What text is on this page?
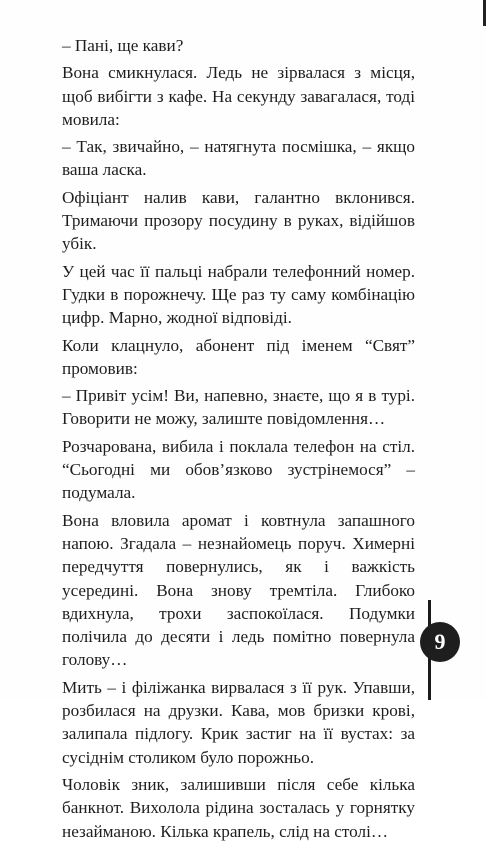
– Пані, ще кави?

Вона смикнулася. Ледь не зірвалася з місця, щоб вибігти з кафе. На секунду завагалася, тоді мовила:

– Так, звичайно, – натягнута посмішка, – якщо ваша ласка.

Офіціант налив кави, галантно вклонився. Тримаючи прозору посудину в руках, відійшов убік.

У цей час її пальці набрали телефонний номер. Гудки в порожнечу. Ще раз ту саму комбінацію цифр. Марно, жодної відповіді.

Коли клацнуло, абонент під іменем “Свят” промовив:

– Привіт усім! Ви, напевно, знаєте, що я в турі. Говорити не можу, залиште повідомлення…

Розчарована, вибила і поклала телефон на стіл. “Сьогодні ми обов’язково зустрінемося” – подумала.

Вона вловила аромат і ковтнула запашного напою. Згадала – незнайомець поруч. Химерні передчуття повернулись, як і важкість усередині. Вона знову тремтіла. Глибоко вдихнула, трохи заспокоїлася. Подумки полічила до десяти і ледь помітно повернула голову…

Мить – і філіжанка вирвалася з її рук. Упавши, розбилася на друзки. Кава, мов бризки крові, залипала підлогу. Крик застиг на її вустах: за сусіднім столиком було порожньо.

Чоловік зник, залишивши після себе кілька банкнот. Вихолола рідина зосталась у горнятку незайманою. Кілька крапель, слід на столі…

9
